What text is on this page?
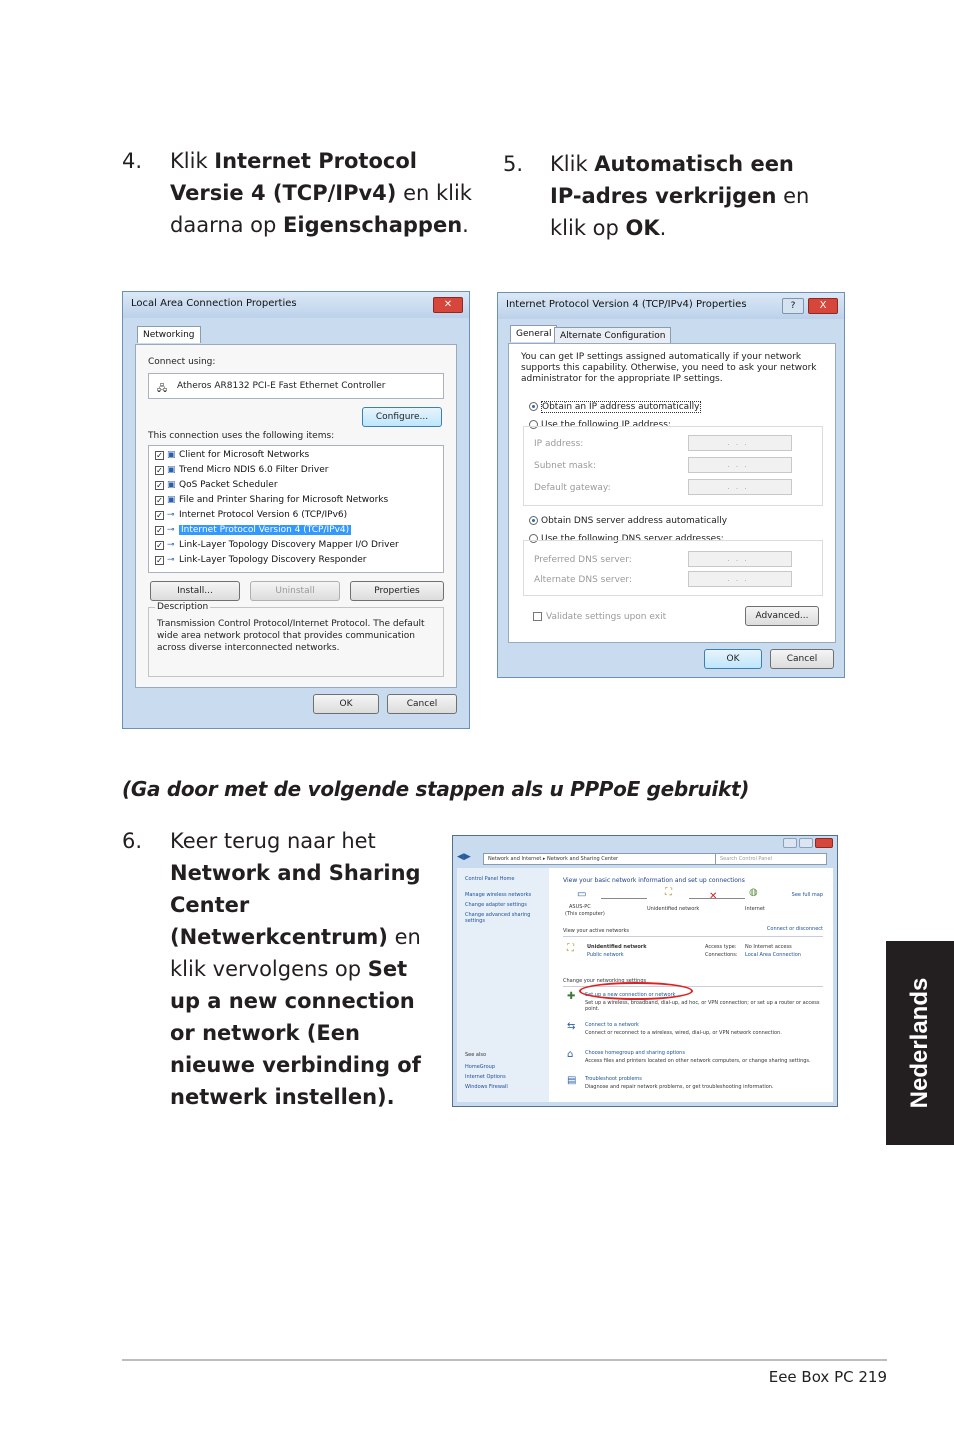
4. Klik Internet Protocol Versie 4 (TCP/IPv4) en klik daarna op Eigenschappen.
5. Klik Automatisch een IP-adres verkrijgen en klik op OK.
Local Area Connection Properties	✕
Networking
Connect using:
🖧 Atheros AR8132 PCI-E Fast Ethernet Controller
Configure...
This connection uses the following items:
✓ ▣ Client for Microsoft Networks
✓ ▣ Trend Micro NDIS 6.0 Filter Driver
✓ ▣ QoS Packet Scheduler
✓ ▣ File and Printer Sharing for Microsoft Networks
✓ ⊸ Internet Protocol Version 6 (TCP/IPv6)
✓ ⊸ Internet Protocol Version 4 (TCP/IPv4)
✓ ⊸ Link-Layer Topology Discovery Mapper I/O Driver
✓ ⊸ Link-Layer Topology Discovery Responder
Install...	Uninstall	Properties
Description
Transmission Control Protocol/Internet Protocol. The default wide area network protocol that provides communication across diverse interconnected networks.
OK	Cancel
Internet Protocol Version 4 (TCP/IPv4) Properties	?	X
General Alternate Configuration
You can get IP settings assigned automatically if your network supports this capability. Otherwise, you need to ask your network administrator for the appropriate IP settings.
Obtain an IP address automatically
Use the following IP address:
IP address:
Subnet mask:
Default gateway:
...
...
...
Obtain DNS server address automatically
Use the following DNS server addresses:
Preferred DNS server:
Alternate DNS server:
...
...
Validate settings upon exit	Advanced...
OK	Cancel
(Ga door met de volgende stappen als u PPPoE gebruikt)
6. Keer terug naar het Network and Sharing Center (Netwerkcentrum) en klik vervolgens op Set up a new connection or network (Een nieuwe verbinding of netwerk instellen).
◀▶	Network and Internet ▸ Network and Sharing Center	Search Control Panel
Control Panel Home
Manage wireless networks
Change adapter settings
Change advanced sharing settings
See also
HomeGroup
Internet Options
Windows Firewall
View your basic network information and set up connections
See full map
▭
ASUS-PC
(This computer)
⛶
Unidentified network
✕	◍
Internet
Connect or disconnect
View your active networks
⛶	Unidentified network
Public network
Access type: No Internet access
Connections: Local Area Connection
Change your networking settings
✚ Set up a new connection or network
Set up a wireless, broadband, dial-up, ad hoc, or VPN connection; or set up a router or access point.
⇆ Connect to a network
Connect or reconnect to a wireless, wired, dial-up, or VPN network connection.
⌂ Choose homegroup and sharing options
Access files and printers located on other network computers, or change sharing settings.
▤ Troubleshoot problems
Diagnose and repair network problems, or get troubleshooting information.	Nederlands
Eee Box PC 219
